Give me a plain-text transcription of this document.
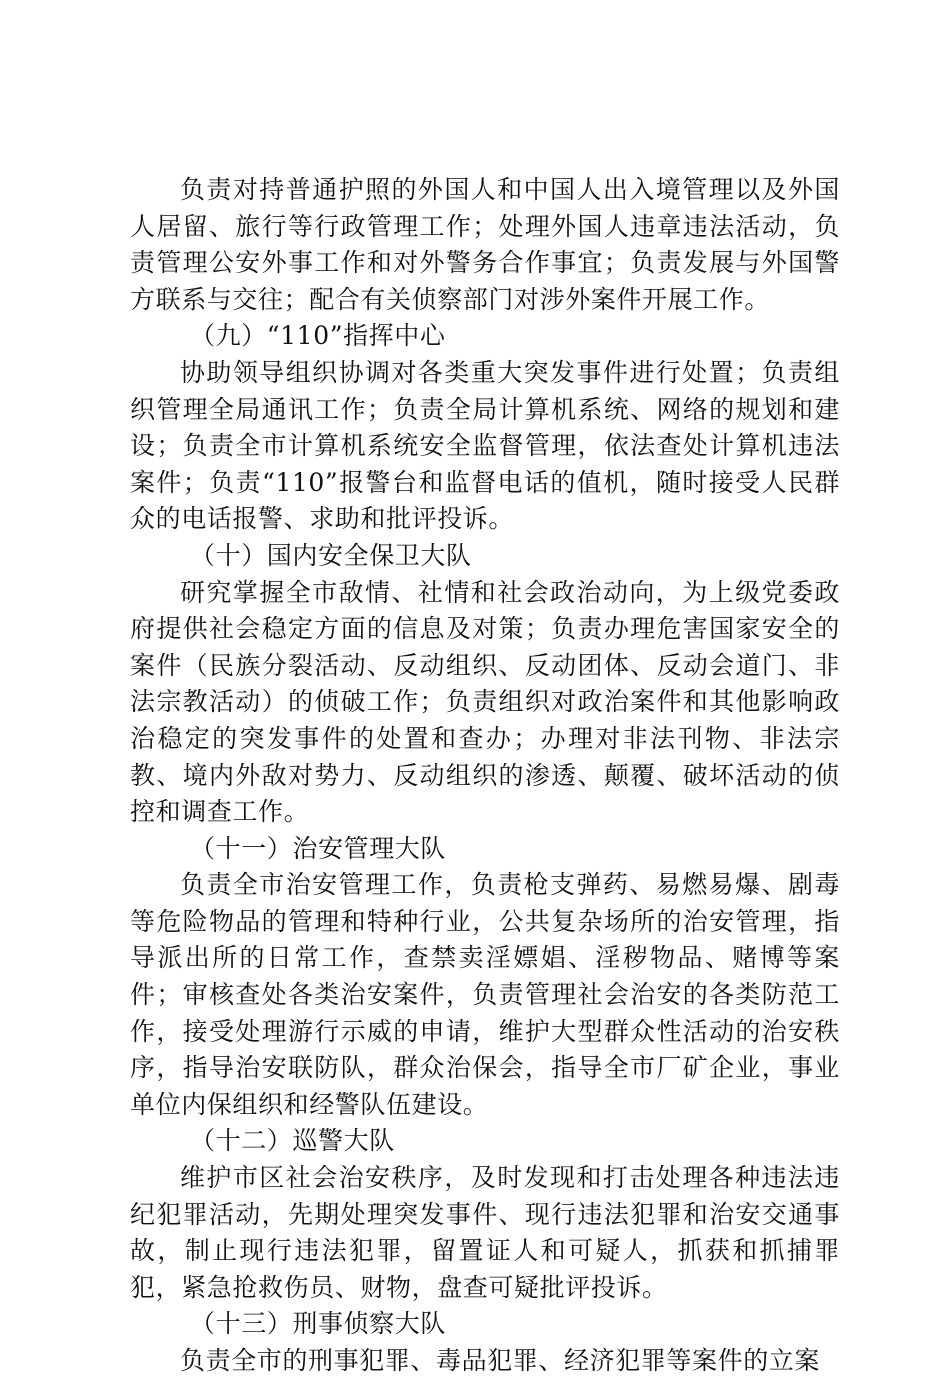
负责对持普通护照的外国人和中国人出入境管理以及外国人居留、旅行等行政管理工作；处理外国人违章违法活动，负责管理公安外事工作和对外警务合作事宜；负责发展与外国警方联系与交往；配合有关侦察部门对涉外案件开展工作。

（九）“110”指挥中心

协助领导组织协调对各类重大突发事件进行处置；负责组织管理全局通讯工作；负责全局计算机系统、网络的规划和建设；负责全市计算机系统安全监督管理，依法查处计算机违法案件；负责“110”报警台和监督电话的值机，随时接受人民群众的电话报警、求助和批评投诉。

（十）国内安全保卫大队

研究掌握全市敌情、社情和社会政治动向，为上级党委政府提供社会稳定方面的信息及对策；负责办理危害国家安全的案件（民族分裂活动、反动组织、反动团体、反动会道门、非法宗教活动）的侦破工作；负责组织对政治案件和其他影响政治稳定的突发事件的处置和查办；办理对非法刊物、非法宗教、境内外敌对势力、反动组织的渗透、颠覆、破坏活动的侦控和调查工作。

（十一）治安管理大队

负责全市治安管理工作，负责枪支弹药、易燃易爆、剧毒等危险物品的管理和特种行业，公共复杂场所的治安管理，指导派出所的日常工作，查禁卖淫嫖娼、淫秽物品、赌博等案件；审核查处各类治安案件，负责管理社会治安的各类防范工作，接受处理游行示威的申请，维护大型群众性活动的治安秩序，指导治安联防队，群众治保会，指导全市厂矿企业，事业单位内保组织和经警队伍建设。

（十二）巡警大队

维护市区社会治安秩序，及时发现和打击处理各种违法违纪犯罪活动，先期处理突发事件、现行违法犯罪和治安交通事故，制止现行违法犯罪，留置证人和可疑人，抓获和抓捕罪犯，紧急抢救伤员、财物，盘查可疑批评投诉。

（十三）刑事侦察大队

负责全市的刑事犯罪、毒品犯罪、经济犯罪等案件的立案
